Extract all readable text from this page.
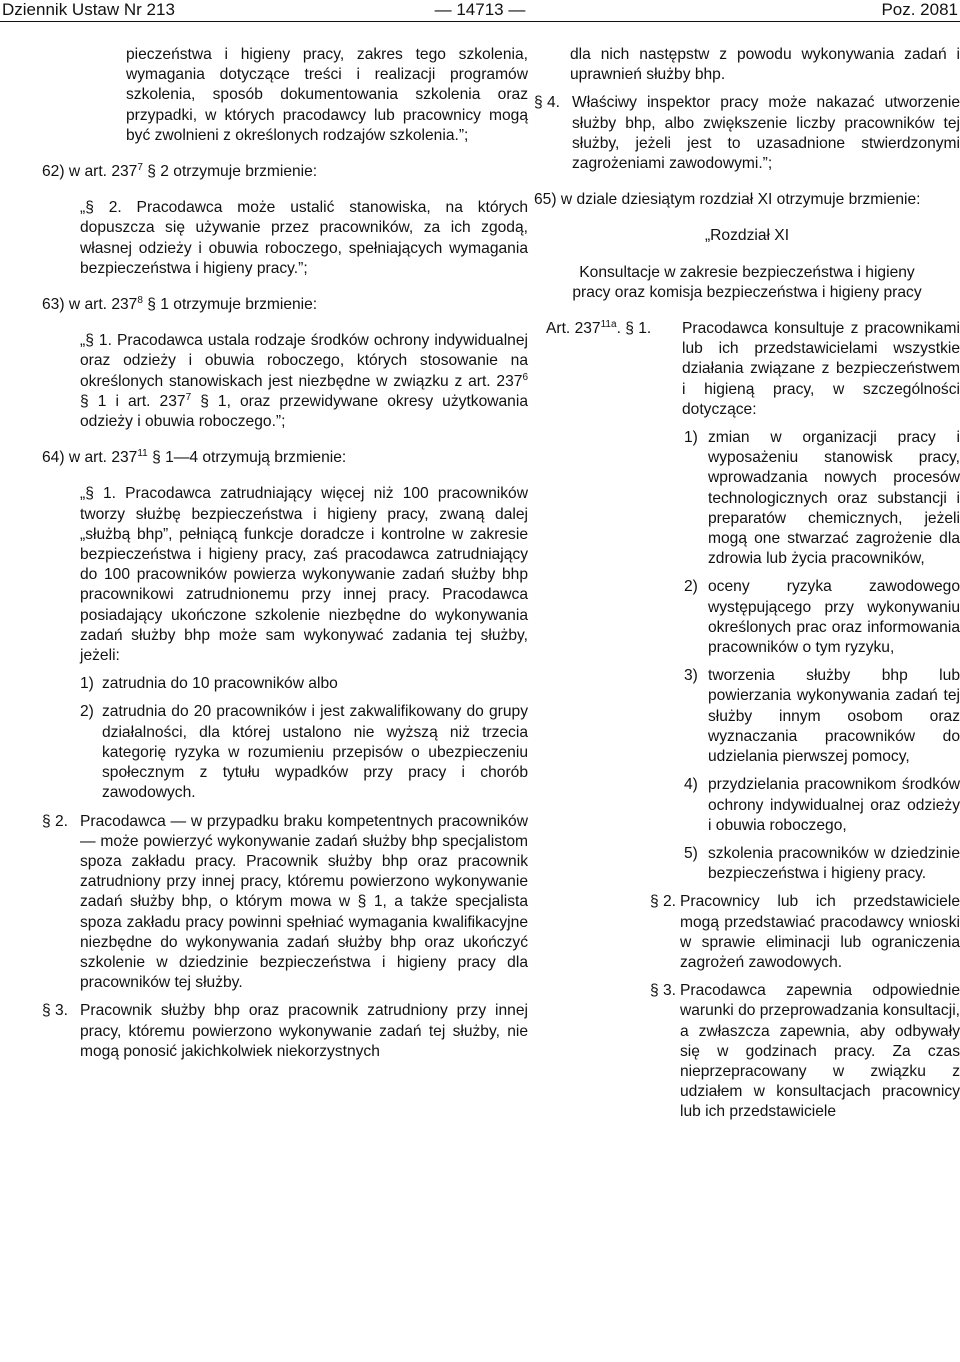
Dziennik Ustaw Nr 213	— 14713 —	Poz. 2081

pieczeństwa i higieny pracy, zakres tego szkolenia, wymagania dotyczące treści i realizacji programów szkolenia, sposób dokumentowania szkolenia oraz przypadki, w których pracodawcy lub pracownicy mogą być zwolnieni z określonych rodzajów szkolenia.”;

62) w art. $237^7$ § 2 otrzymuje brzmienie:

„§ 2. Pracodawca może ustalić stanowiska, na których dopuszcza się używanie przez pracowników, za ich zgodą, własnej odzieży i obuwia roboczego, spełniających wymagania bezpieczeństwa i higieny pracy.”;

63) w art. $237^8$ § 1 otrzymuje brzmienie:

„§ 1. Pracodawca ustala rodzaje środków ochrony indywidualnej oraz odzieży i obuwia roboczego, których stosowanie na określonych stanowiskach jest niezbędne w związku z art. $237^6$ § 1 i art. $237^7$ § 1, oraz przewidywane okresy użytkowania odzieży i obuwia roboczego.”;

64) w art. $237^{11}$ § 1—4 otrzymują brzmienie:

„§ 1. Pracodawca zatrudniający więcej niż 100 pracowników tworzy służbę bezpieczeństwa i higieny pracy, zwaną dalej „służbą bhp”, pełniącą funkcje doradcze i kontrolne w zakresie bezpieczeństwa i higieny pracy, zaś pracodawca zatrudniający do 100 pracowników powierza wykonywanie zadań służby bhp pracownikowi zatrudnionemu przy innej pracy. Pracodawca posiadający ukończone szkolenie niezbędne do wykonywania zadań służby bhp może sam wykonywać zadania tej służby, jeżeli:

1) zatrudnia do 10 pracowników albo
2) zatrudnia do 20 pracowników i jest zakwalifikowany do grupy działalności, dla której ustalono nie wyższą niż trzecia kategorię ryzyka w rozumieniu przepisów o ubezpieczeniu społecznym z tytułu wypadków przy pracy i chorób zawodowych.
§ 2. Pracodawca — w przypadku braku kompetentnych pracowników — może powierzyć wykonywanie zadań służby bhp specjalistom spoza zakładu pracy. Pracownik służby bhp oraz pracownik zatrudniony przy innej pracy, któremu powierzono wykonywanie zadań służby bhp, o którym mowa w § 1, a także specjalista spoza zakładu pracy powinni spełniać wymagania kwalifikacyjne niezbędne do wykonywania zadań służby bhp oraz ukończyć szkolenie w dziedzinie bezpieczeństwa i higieny pracy dla pracowników tej służby.
§ 3. Pracownik służby bhp oraz pracownik zatrudniony przy innej pracy, któremu powierzono wykonywanie zadań tej służby, nie mogą ponosić jakichkolwiek niekorzystnych

dla nich następstw z powodu wykonywania zadań i uprawnień służby bhp.

§ 4. Właściwy inspektor pracy może nakazać utworzenie służby bhp, albo zwiększenie liczby pracowników tej służby, jeżeli jest to uzasadnione stwierdzonymi zagrożeniami zawodowymi.”;

65) w dziale dziesiątym rozdział XI otrzymuje brzmienie:

„Rozdział XI

Konsultacje w zakresie bezpieczeństwa i higieny

pracy oraz komisja bezpieczeństwa i higieny pracy

Art. $237^{11a}$. § 1.	Pracodawca konsultuje z pracownikami lub ich przedstawicielami wszystkie działania związane z bezpieczeństwem i higieną pracy, w szczególności dotyczące:
1) zmian w organizacji pracy i wyposażeniu stanowisk pracy, wprowadzania nowych procesów technologicznych oraz substancji i preparatów chemicznych, jeżeli mogą one stwarzać zagrożenie dla zdrowia lub życia pracowników,
2) oceny ryzyka zawodowego występującego przy wykonywaniu określonych prac oraz informowania pracowników o tym ryzyku,
3) tworzenia służby bhp lub powierzania wykonywania zadań tej służby innym osobom oraz wyznaczania pracowników do udzielania pierwszej pomocy,
4) przydzielania pracownikom środków ochrony indywidualnej oraz odzieży i obuwia roboczego,
5) szkolenia pracowników w dziedzinie bezpieczeństwa i higieny pracy.
§ 2. Pracownicy lub ich przedstawiciele mogą przedstawiać pracodawcy wnioski w sprawie eliminacji lub ograniczenia zagrożeń zawodowych.
§ 3. Pracodawca zapewnia odpowiednie warunki do przeprowadzania konsultacji, a zwłaszcza zapewnia, aby odbywały się w godzinach pracy. Za czas nieprzepracowany w związku z udziałem w konsultacjach pracownicy lub ich przedstawiciele
